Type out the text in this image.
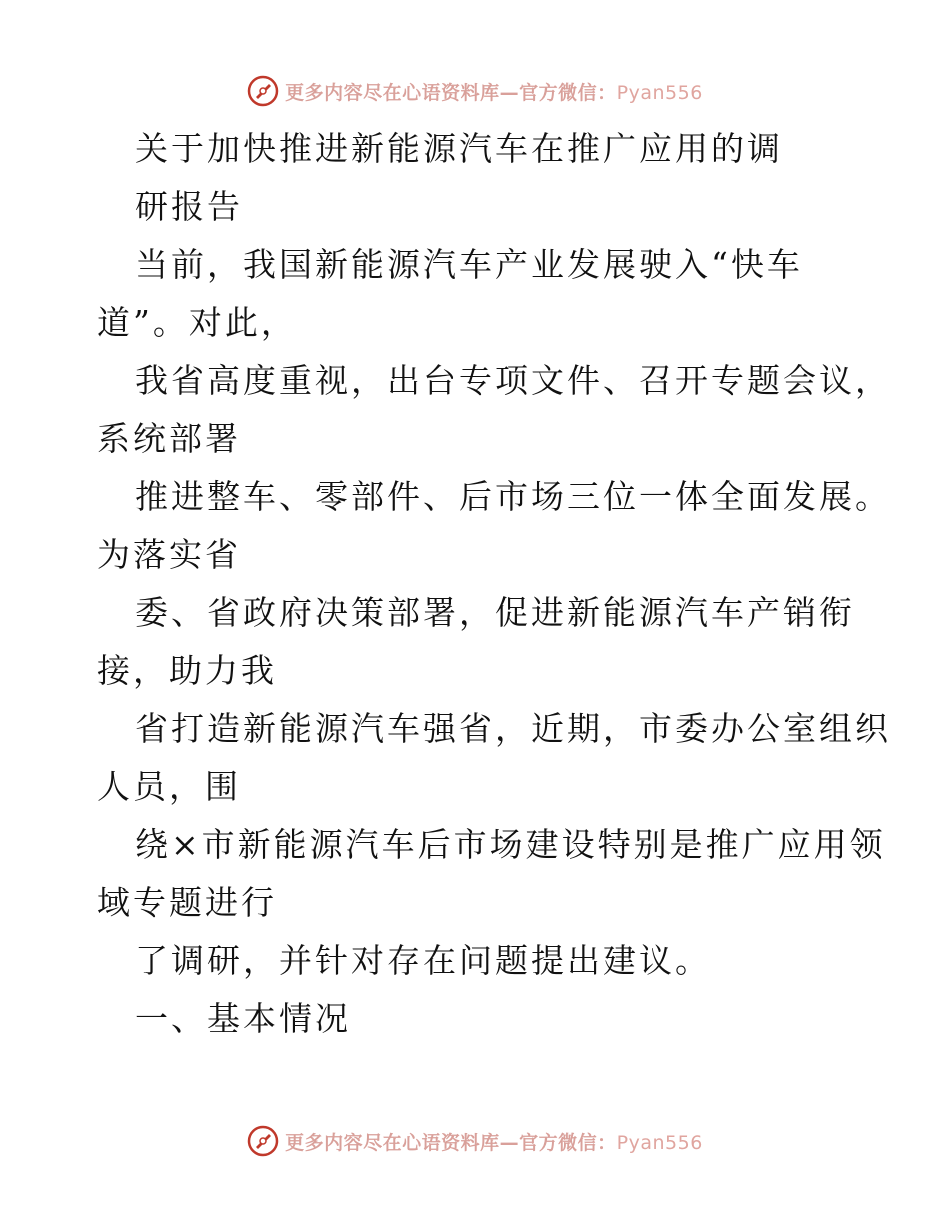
更多内容尽在心语资料库—官方微信：Pyan556
关于加快推进新能源汽车在推广应用的调
研报告
当前，我国新能源汽车产业发展驶入“快车
道”。对此，
我省高度重视，出台专项文件、召开专题会议，
系统部署
推进整车、零部件、后市场三位一体全面发展。
为落实省
委、省政府决策部署，促进新能源汽车产销衔
接，助力我
省打造新能源汽车强省，近期，市委办公室组织
人员，围
绕×市新能源汽车后市场建设特别是推广应用领
域专题进行
了调研，并针对存在问题提出建议。
一、基本情况
更多内容尽在心语资料库—官方微信：Pyan556
